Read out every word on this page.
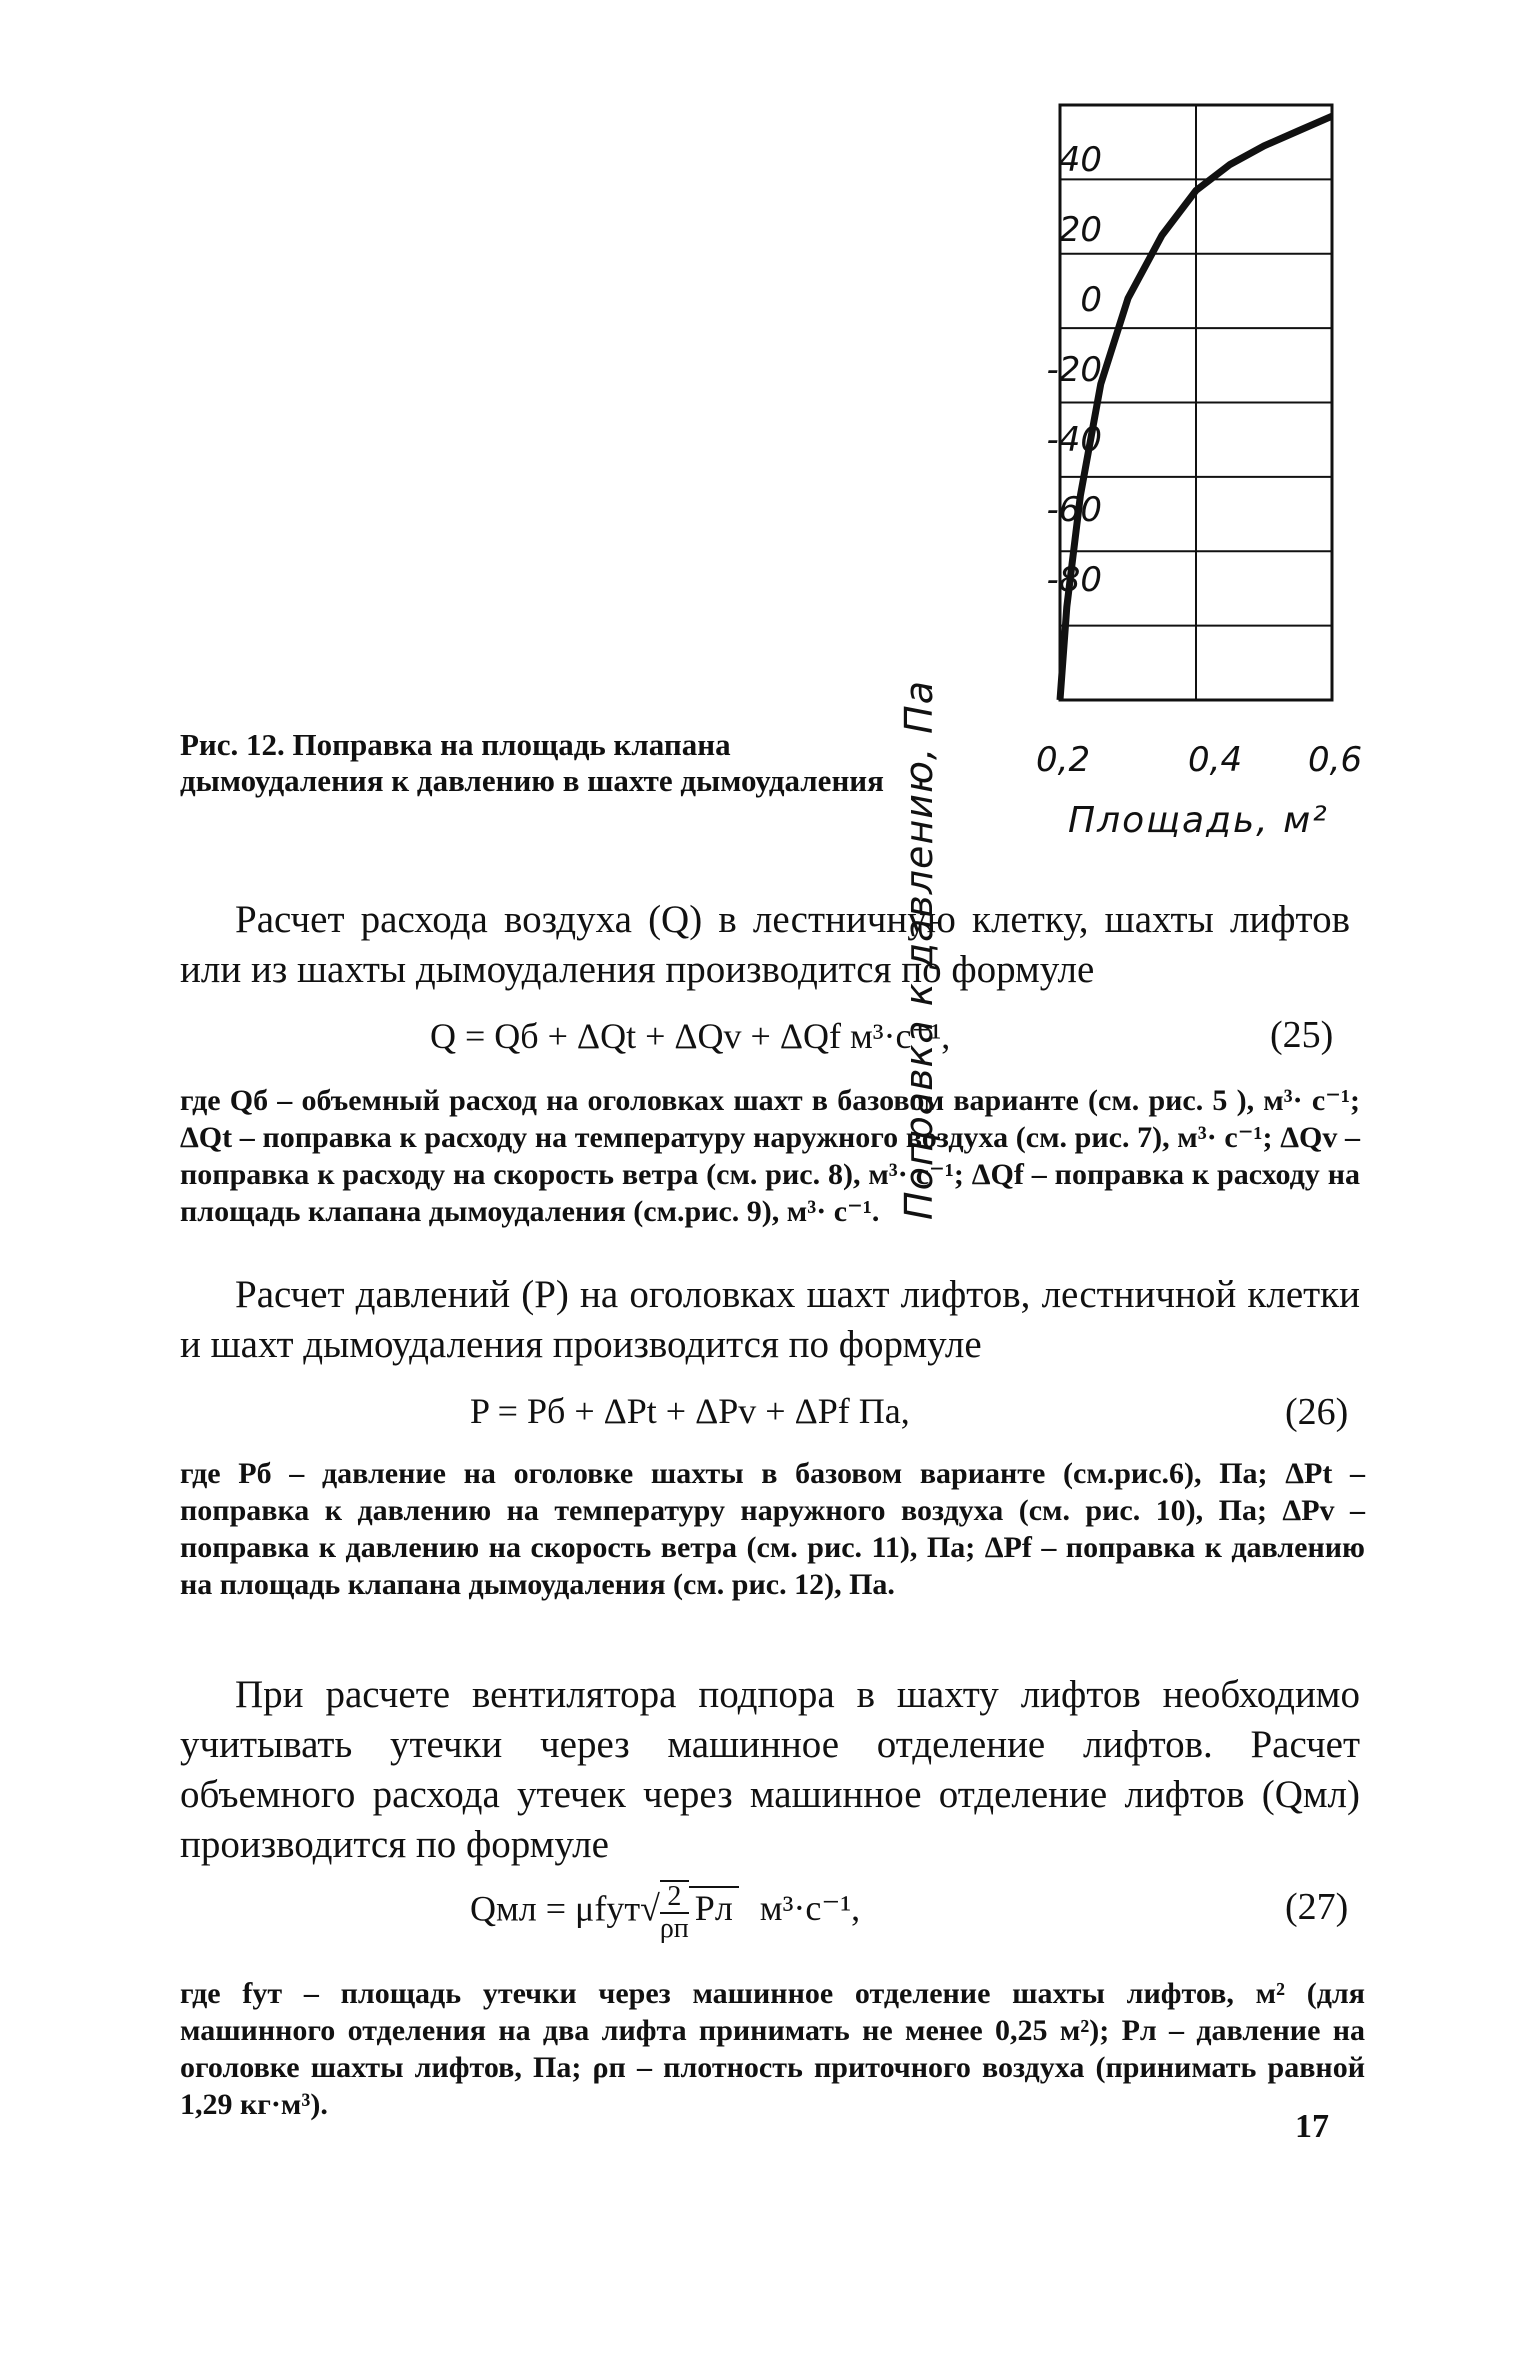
Поправка к давлению, Па
40
20
0
-20
-40
-60
-80
0,2	0,4 0,6
Площадь, м²
Рис. 12. Поправка на площадь клапана дымоудаления к давлению в шахте дымоудаления

Расчет расхода воздуха (Q) в лестничную клетку, шахты лифтов или из шахты дымоудаления производится по формуле

Q = Qб + ΔQt + ΔQv + ΔQf м³·с⁻¹,	(25)

где Qб – объемный расход на оголовках шахт в базовом варианте (см. рис. 5 ), м³· с⁻¹; ΔQt – поправка к расходу на температуру наружного воздуха (см. рис. 7), м³· с⁻¹; ΔQv – поправка к расходу на скорость ветра (см. рис. 8), м³· с⁻¹; ΔQf – поправка к расходу на площадь клапана дымоудаления (см.рис. 9), м³· с⁻¹.

Расчет давлений (Р) на оголовках шахт лифтов, лестничной клетки и шахт дымоудаления производится по формуле

P = Pб + ΔPt + ΔPv + ΔPf Па,	(26)

где Pб – давление на оголовке шахты в базовом варианте (см.рис.6), Па; ΔPt – поправка к давлению на температуру наружного воздуха (см. рис. 10), Па; ΔPv – поправка к давлению на скорость ветра (см. рис. 11), Па; ΔPf – поправка к давлению на площадь клапана дымоудаления (см. рис. 12), Па.

При расчете вентилятора подпора в шахту лифтов необходимо учитывать утечки через машинное отделение лифтов. Расчет объемного расхода утечек через машинное отделение лифтов (Qмл) производится по формуле

Qмл = $\mu fут√ \frac{2}{\rho п}$ Pл м³·с⁻¹,	(27)

где fут – площадь утечки через машинное отделение шахты лифтов, м² (для машинного отделения на два лифта принимать не менее 0,25 м²); Рл – давление на оголовке шахты лифтов, Па; ρп – плотность приточного воздуха (принимать равной 1,29 кг·м³).

17
